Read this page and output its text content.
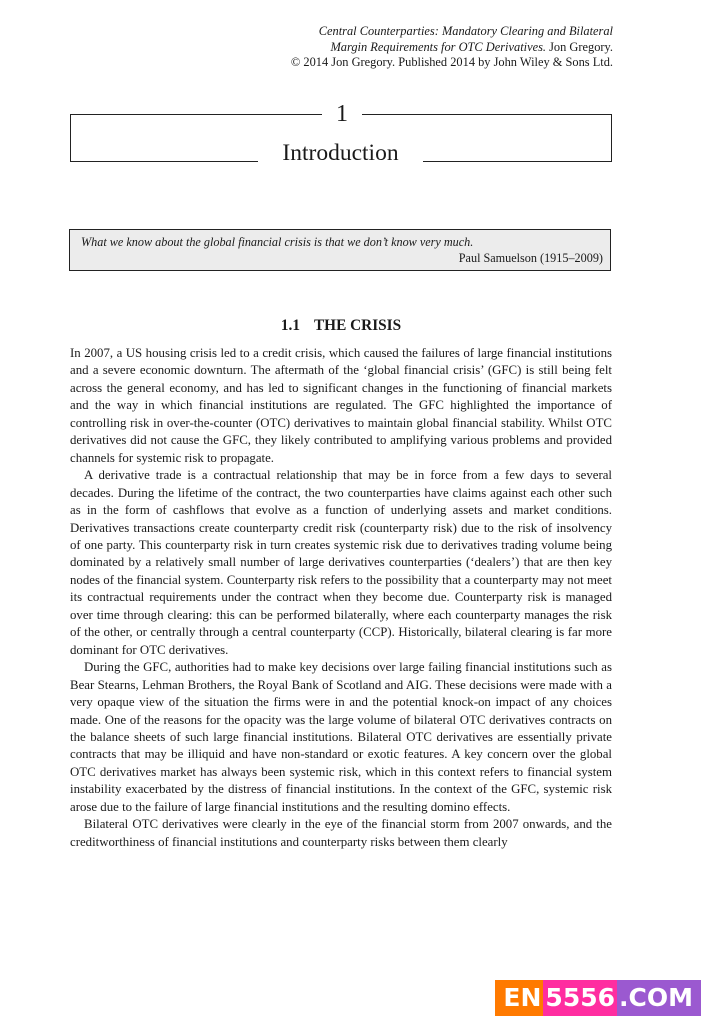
Central Counterparties: Mandatory Clearing and Bilateral
Margin Requirements for OTC Derivatives. Jon Gregory.
© 2014 Jon Gregory. Published 2014 by John Wiley & Sons Ltd.
1
Introduction
What we know about the global financial crisis is that we don’t know very much.
Paul Samuelson (1915–2009)
1.1 THE CRISIS

In 2007, a US housing crisis led to a credit crisis, which caused the failures of large financial institutions and a severe economic downturn. The aftermath of the ‘global financial crisis’ (GFC) is still being felt across the general economy, and has led to significant changes in the functioning of financial markets and the way in which financial institutions are regulated. The GFC highlighted the importance of controlling risk in over-the-counter (OTC) derivatives to maintain global financial stability. Whilst OTC derivatives did not cause the GFC, they likely contributed to amplifying various problems and provided channels for systemic risk to propagate.

A derivative trade is a contractual relationship that may be in force from a few days to several decades. During the lifetime of the contract, the two counterparties have claims against each other such as in the form of cashflows that evolve as a function of underlying assets and market conditions. Derivatives transactions create counterparty credit risk (counterparty risk) due to the risk of insolvency of one party. This counterparty risk in turn creates systemic risk due to derivatives trading volume being dominated by a relatively small number of large derivatives counterparties (‘dealers’) that are then key nodes of the financial system. Counterparty risk refers to the possibility that a counterparty may not meet its contractual requirements under the contract when they become due. Counterparty risk is managed over time through clearing: this can be performed bilaterally, where each counterparty manages the risk of the other, or centrally through a central counterparty (CCP). Historically, bilateral clearing is far more dominant for OTC derivatives.

During the GFC, authorities had to make key decisions over large failing financial institutions such as Bear Stearns, Lehman Brothers, the Royal Bank of Scotland and AIG. These decisions were made with a very opaque view of the situation the firms were in and the potential knock-on impact of any choices made. One of the reasons for the opacity was the large volume of bilateral OTC derivatives contracts on the balance sheets of such large financial institutions. Bilateral OTC derivatives are essentially private contracts that may be illiquid and have non-standard or exotic features. A key concern over the global OTC derivatives market has always been systemic risk, which in this context refers to financial system instability exacerbated by the distress of financial institutions. In the context of the GFC, systemic risk arose due to the failure of large financial institutions and the resulting domino effects.

Bilateral OTC derivatives were clearly in the eye of the financial storm from 2007 onwards, and the creditworthiness of financial institutions and counterparty risks between them clearly

EN 5556 .COM
